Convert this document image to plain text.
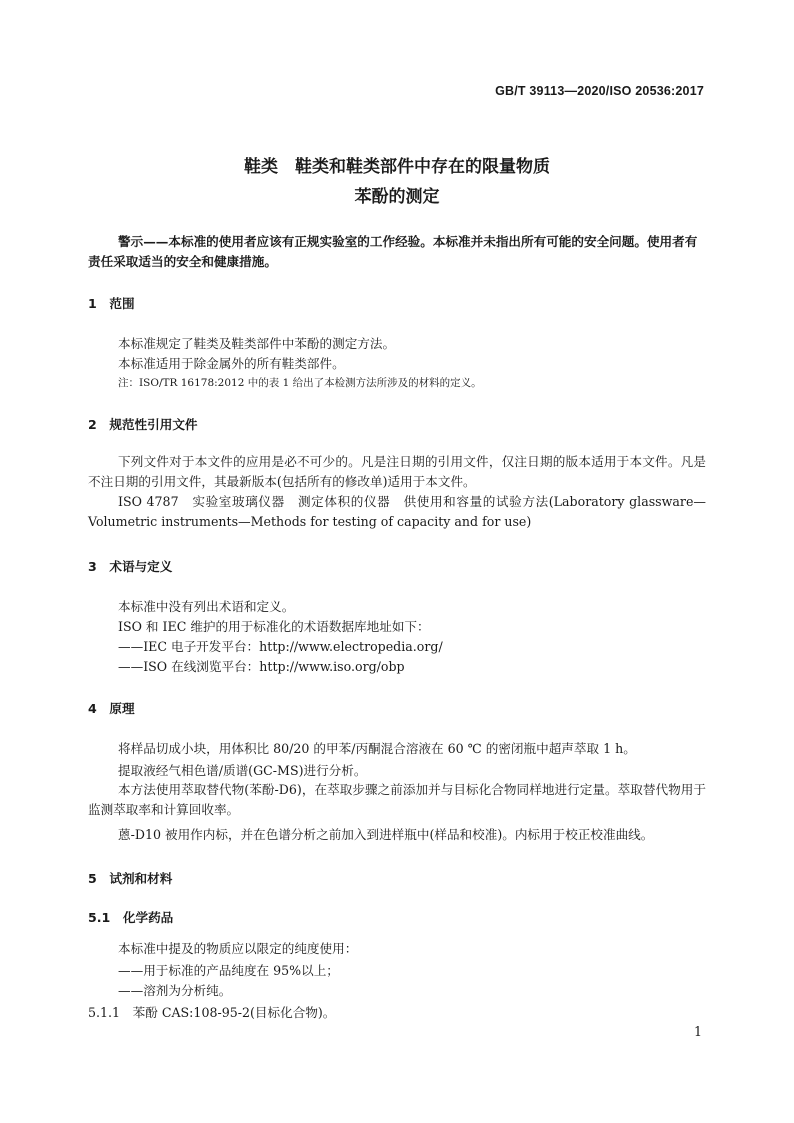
GB/T 39113—2020/ISO 20536:2017
鞋类　鞋类和鞋类部件中存在的限量物质
苯酚的测定
警示——本标准的使用者应该有正规实验室的工作经验。本标准并未指出所有可能的安全问题。使用者有责任采取适当的安全和健康措施。
1　范围
本标准规定了鞋类及鞋类部件中苯酚的测定方法。
本标准适用于除金属外的所有鞋类部件。
注：ISO/TR 16178:2012 中的表 1 给出了本检测方法所涉及的材料的定义。
2　规范性引用文件
下列文件对于本文件的应用是必不可少的。凡是注日期的引用文件，仅注日期的版本适用于本文件。凡是不注日期的引用文件，其最新版本(包括所有的修改单)适用于本文件。
ISO 4787　实验室玻璃仪器　测定体积的仪器　供使用和容量的试验方法(Laboratory glassware—Volumetric instruments—Methods for testing of capacity and for use)
3　术语与定义
本标准中没有列出术语和定义。
ISO 和 IEC 维护的用于标准化的术语数据库地址如下：
——IEC 电子开发平台：http://www.electropedia.org/
——ISO 在线浏览平台：http://www.iso.org/obp
4　原理
将样品切成小块，用体积比 80/20 的甲苯/丙酮混合溶液在 60 ℃ 的密闭瓶中超声萃取 1 h。
提取液经气相色谱/质谱(GC-MS)进行分析。
本方法使用萃取替代物(苯酚-D6)，在萃取步骤之前添加并与目标化合物同样地进行定量。萃取替代物用于监测萃取率和计算回收率。
蒽-D10 被用作内标，并在色谱分析之前加入到进样瓶中(样品和校准)。内标用于校正校准曲线。
5　试剂和材料
5.1　化学药品
本标准中提及的物质应以限定的纯度使用：
——用于标准的产品纯度在 95%以上；
——溶剂为分析纯。
5.1.1　苯酚 CAS:108-95-2(目标化合物)。
1
